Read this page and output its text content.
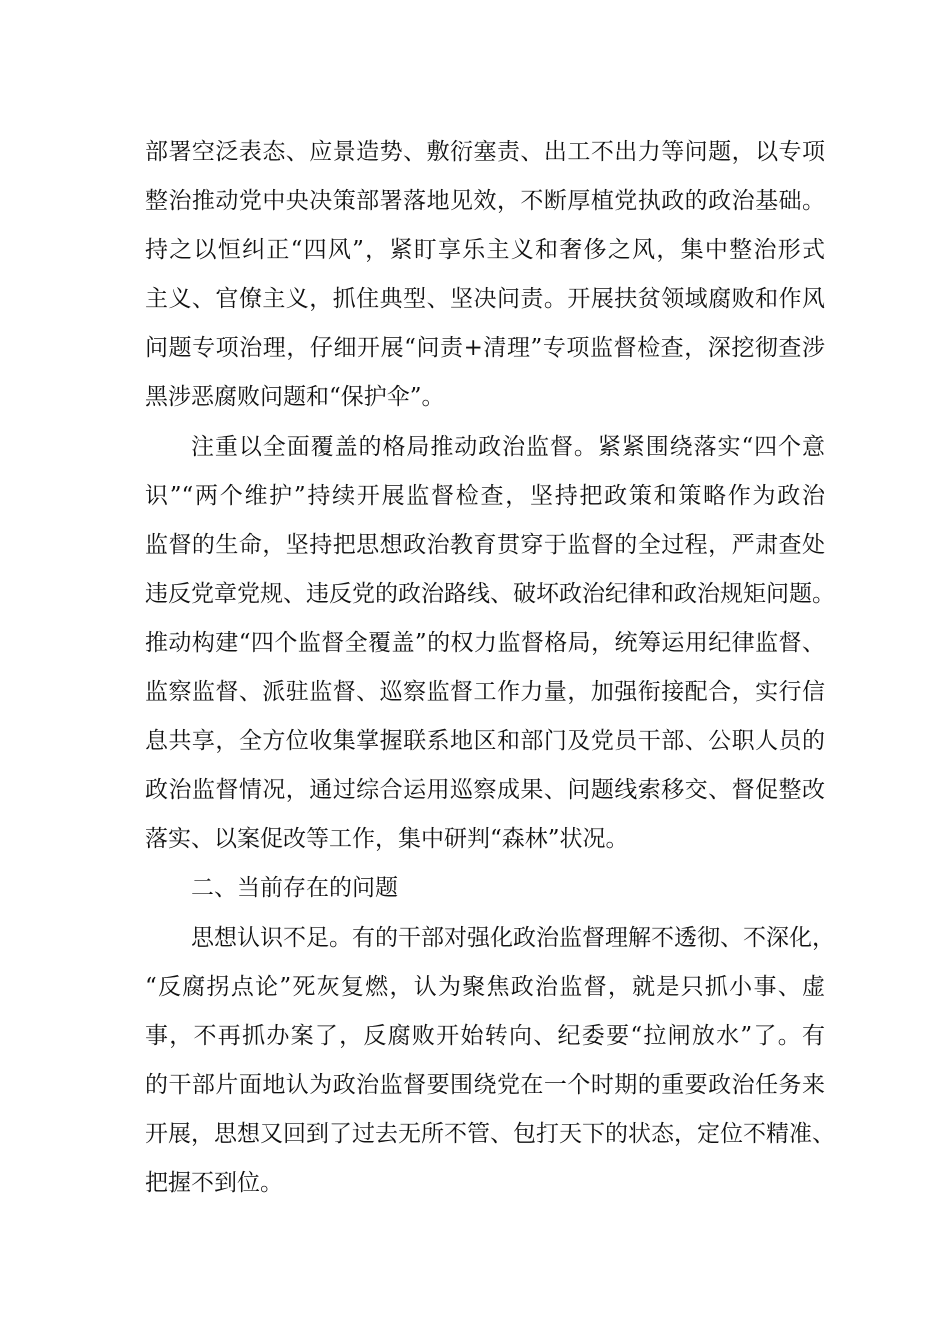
部署空泛表态、应景造势、敷衍塞责、出工不出力等问题，以专项
整治推动党中央决策部署落地见效，不断厚植党执政的政治基础。
持之以恒纠正“四风”，紧盯享乐主义和奢侈之风，集中整治形式
主义、官僚主义，抓住典型、坚决问责。开展扶贫领域腐败和作风
问题专项治理，仔细开展“问责+清理”专项监督检查，深挖彻查涉
黑涉恶腐败问题和“保护伞”。
注重以全面覆盖的格局推动政治监督。紧紧围绕落实“四个意
识”“两个维护”持续开展监督检查，坚持把政策和策略作为政治
监督的生命，坚持把思想政治教育贯穿于监督的全过程，严肃查处
违反党章党规、违反党的政治路线、破坏政治纪律和政治规矩问题。
推动构建“四个监督全覆盖”的权力监督格局，统筹运用纪律监督、
监察监督、派驻监督、巡察监督工作力量，加强衔接配合，实行信
息共享，全方位收集掌握联系地区和部门及党员干部、公职人员的
政治监督情况，通过综合运用巡察成果、问题线索移交、督促整改
落实、以案促改等工作，集中研判“森林”状况。
二、当前存在的问题
思想认识不足。有的干部对强化政治监督理解不透彻、不深化，
“反腐拐点论”死灰复燃，认为聚焦政治监督，就是只抓小事、虚
事，不再抓办案了，反腐败开始转向、纪委要“拉闸放水”了。有
的干部片面地认为政治监督要围绕党在一个时期的重要政治任务来
开展，思想又回到了过去无所不管、包打天下的状态，定位不精准、
把握不到位。
